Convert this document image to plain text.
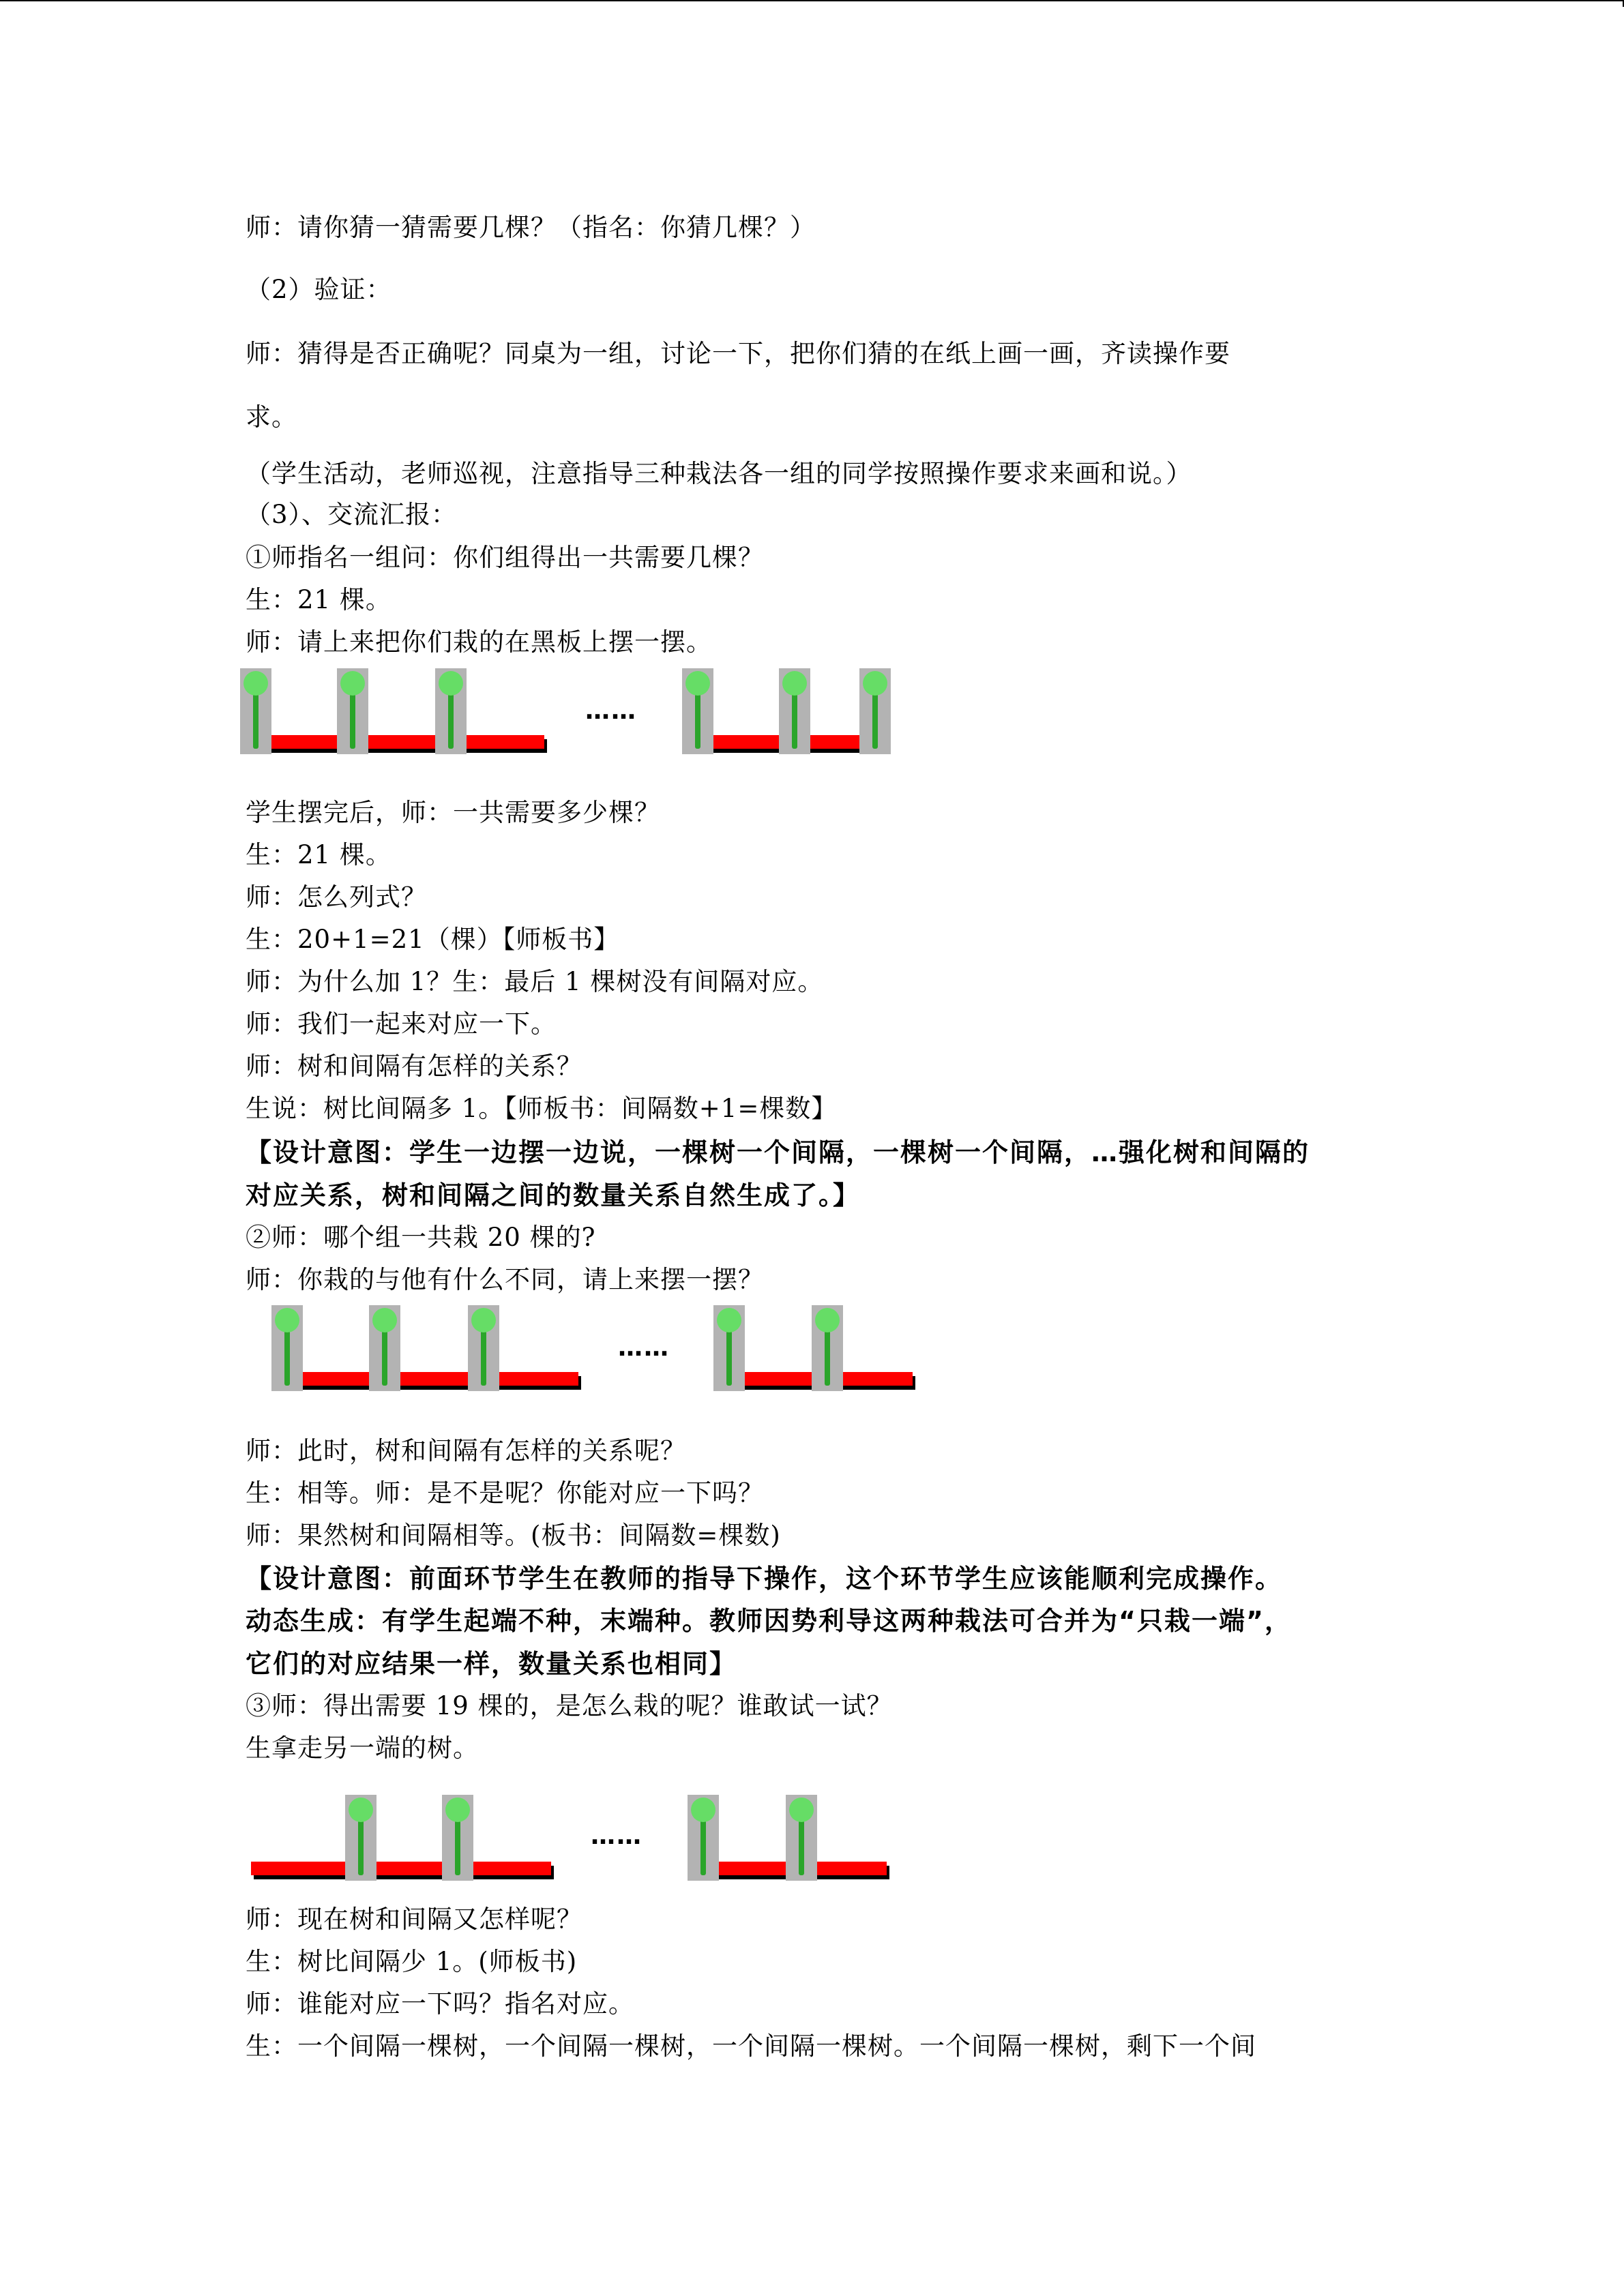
师：请你猜一猜需要几棵？（指名：你猜几棵？）
（2）验证：
师：猜得是否正确呢？同桌为一组，讨论一下，把你们猜的在纸上画一画，齐读操作要
求。
（学生活动，老师巡视，注意指导三种栽法各一组的同学按照操作要求来画和说。）
（3）、交流汇报：
①师指名一组问：你们组得出一共需要几棵？
生：21 棵。
师：请上来把你们栽的在黑板上摆一摆。
学生摆完后，师：一共需要多少棵？
生：21 棵。
师：怎么列式？
生：20+1=21（棵）【师板书】
师：为什么加 1？生：最后 1 棵树没有间隔对应。
师：我们一起来对应一下。
师：树和间隔有怎样的关系？
生说：树比间隔多 1。【师板书：间隔数+1=棵数】
【设计意图：学生一边摆一边说，一棵树一个间隔，一棵树一个间隔，…强化树和间隔的
对应关系，树和间隔之间的数量关系自然生成了。】
②师：哪个组一共栽 20 棵的?
师：你栽的与他有什么不同，请上来摆一摆？
师：此时，树和间隔有怎样的关系呢？
生：相等。师：是不是呢？你能对应一下吗？
师：果然树和间隔相等。(板书：间隔数=棵数)
【设计意图：前面环节学生在教师的指导下操作，这个环节学生应该能顺利完成操作。
动态生成：有学生起端不种，末端种。教师因势利导这两种栽法可合并为“只栽一端”，
它们的对应结果一样，数量关系也相同】
③师：得出需要 19 棵的，是怎么栽的呢？谁敢试一试？
生拿走另一端的树。
师：现在树和间隔又怎样呢？
生：树比间隔少 1。(师板书)
师：谁能对应一下吗？指名对应。
生：一个间隔一棵树，一个间隔一棵树，一个间隔一棵树。一个间隔一棵树，剩下一个间
……
……
……
